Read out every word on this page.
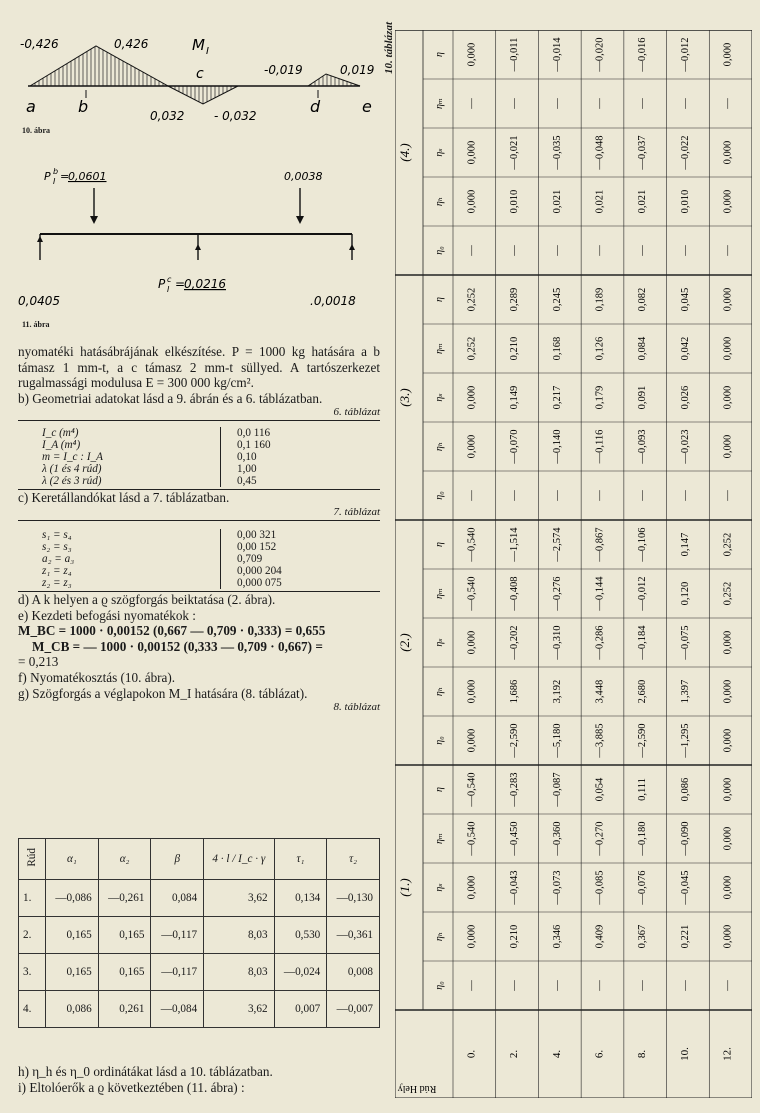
-0,426	0,426	M I
-0,019	0,019
c
0,032 - 0,032
a	b	d	e
10. ábra
P b
I =
0,0601	0,0038
0,0405
P c
I =
0,0216
.0,0018
11. ábra

nyomatéki hatásábrájának elkészítése. P = 1000 kg hatására a b támasz 1 mm-t, a c támasz 2 mm-t süllyed. A tartószerkezet rugalmassági modulusa E = 300 000 kg/cm².

b) Geometriai adatokat lásd a 9. ábrán és a 6. táblázatban.

6. táblázat
I_c (m⁴)	0,0 116
I_A (m⁴)	0,1 160
m = I_c : I_A	0,10
λ (1 és 4 rúd)	1,00
λ (2 és 3 rúd)	0,45

c) Keretállandókat lásd a 7. táblázatban.

7. táblázat
s₁ = s₄	0,00 321
s₂ = s₃	0,00 152
a₂ = a₃	0,709
z₁ = z₄	0,000 204
z₂ = z₃	0,000 075

d) A k helyen a ϱ szögforgás beiktatása (2. ábra).

e) Kezdeti befogási nyomatékok :

M_BC = 1000 · 0,00152 (0,667 — 0,709 · 0,333) = 0,655

M_CB = — 1000 · 0,00152 (0,333 — 0,709 · 0,667) =

= 0,213

f) Nyomatékosztás (10. ábra).

g) Szögforgás a véglapokon M_I hatására (8. táblázat).

8. táblázat
Rúd	α₁	α₂	β	4 · l / I_c · γ	τ₁	τ₂
1.	—0,086	—0,261	0,084	3,62	0,134	—0,130
2.	0,165	0,165	—0,117	8,03	0,530	—0,361
3.	0,165	0,165	—0,117	8,03	—0,024	0,008
4.	0,086	0,261	—0,084	3,62	0,007	—0,007

h) η_h és η_0 ordinátákat lásd a 10. táblázatban.

i) Eltolóerők a ϱ következtében (11. ábra) :

10. táblázat
(1.)
η₀ —	—	—	—	—	—	—
ηₕ 0,000	0,210	0,346	0,409	0,367	0,221	0,000
ηₛ 0,000	—0,043	—0,073	—0,085	—0,076	—0,045	0,000
ηₘ —0,540	—0,450	—0,360	—0,270	—0,180	—0,090	0,000
η —0,540	—0,283	—0,087	0,054	0,111	0,086	0,000
(2.)
η₀ 0,000	—2,590	—5,180	—3,885	—2,590	—1,295	0,000
ηₕ 0,000	1,686	3,192	3,448	2,680	1,397	0,000
ηₛ 0,000	—0,202	—0,310	—0,286	—0,184	—0,075	0,000
ηₘ —0,540	—0,408	—0,276	—0,144	—0,012	0,120	0,252
η —0,540	—1,514	—2,574	—0,867	—0,106	0,147	0,252
(3.)
η₀ —	—	—	—	—	—	—
ηₕ 0,000	—0,070	—0,140	—0,116	—0,093	—0,023	0,000
ηₛ 0,000	0,149	0,217	0,179	0,091	0,026	0,000
ηₘ 0,252	0,210	0,168	0,126	0,084	0,042	0,000
η 0,252	0,289	0,245	0,189	0,082	0,045	0,000
(4.)
η₀ —	—	—	—	—	—	—
ηₕ 0,000	0,010	0,021	0,021	0,021	0,010	0,000
ηₛ 0,000	—0,021	—0,035	—0,048	—0,037	—0,022	0,000
ηₘ —	—	—	—	—	—	—
η 0,000	—0,011	—0,014	—0,020	—0,016	—0,012	0,000
Rúd Hely
0.	2.	4.	6.	8.	10.	12.
